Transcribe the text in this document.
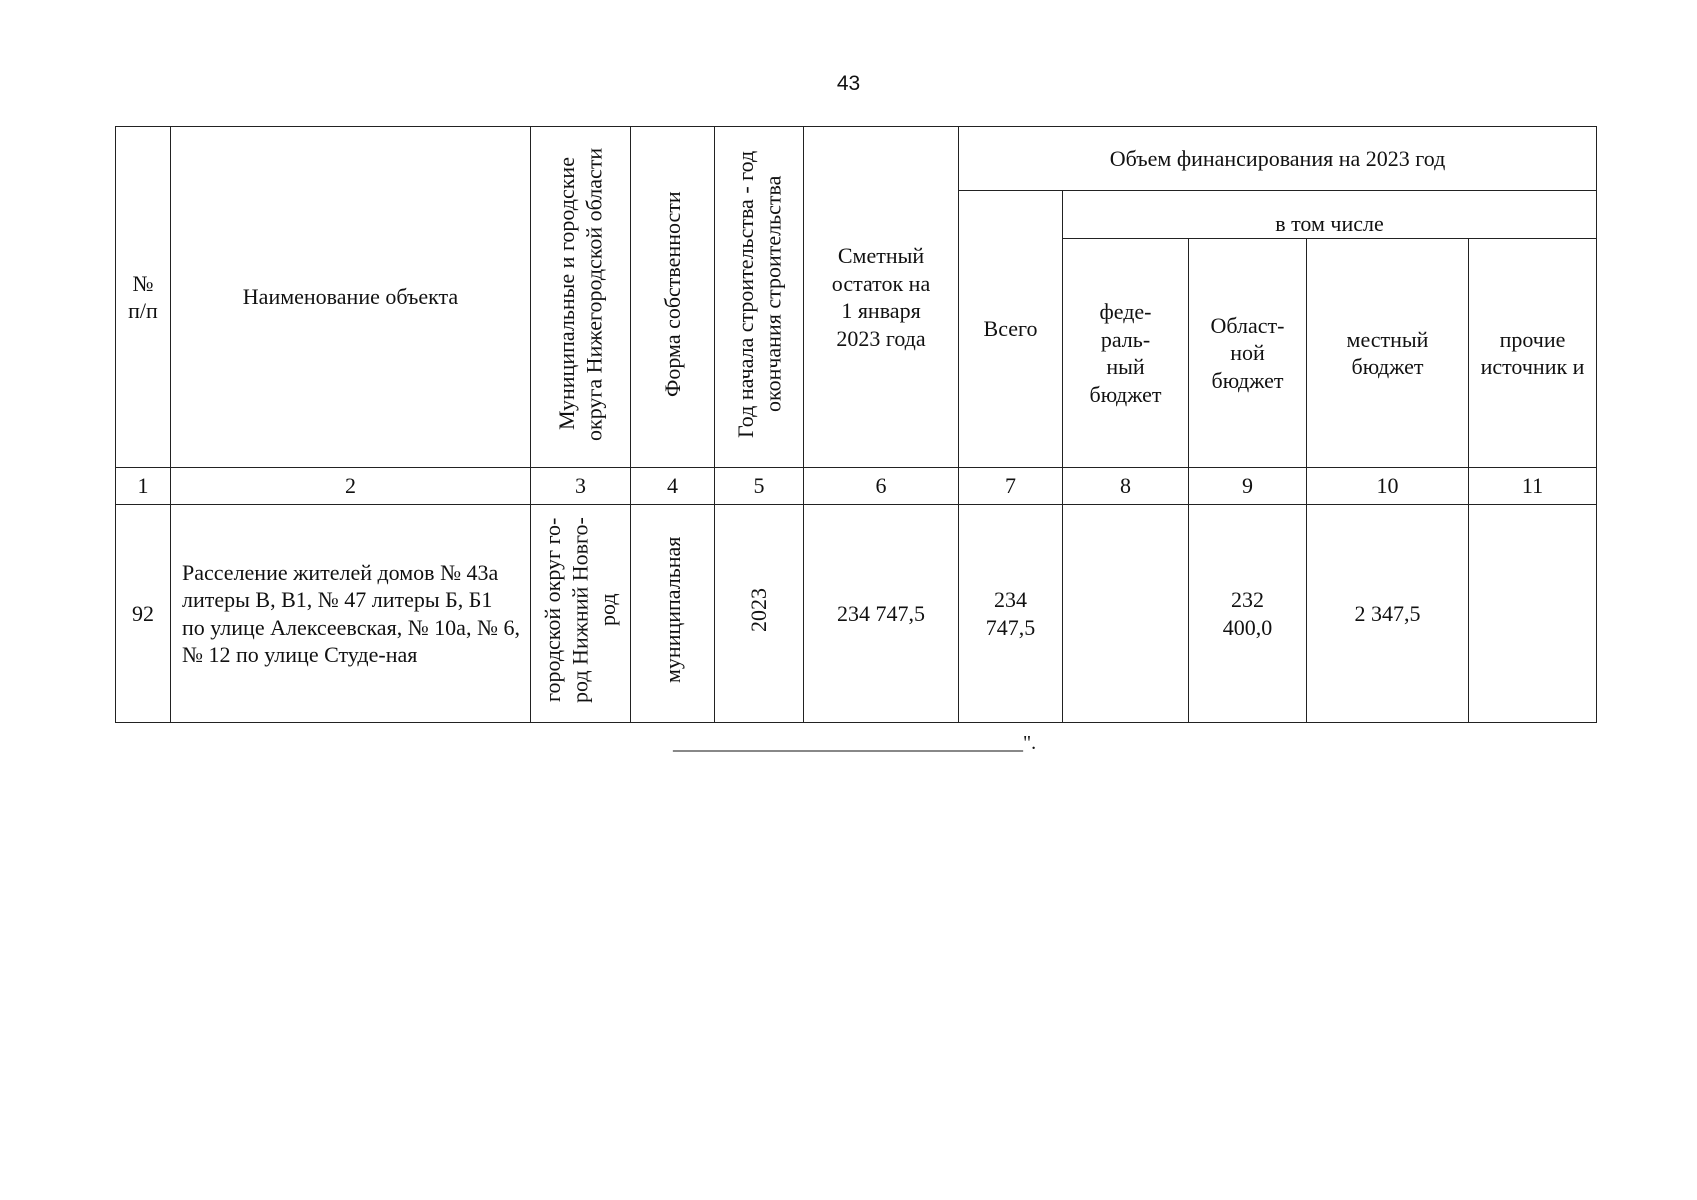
43
№ п/п	Наименование объекта	Муниципальные и городские округа Нижегородской области	Форма собственности	Год начала строительства - год окончания строительства	Сметный остаток на 1 января 2023 года	Объем финансирования на 2023 год				
						Всего	в том числе			
							феде-раль-ный бюджет	Област-ной бюджет	местный бюджет	прочие источник и
1	2	3	4	5	6	7	8	9	10	11
92	Расселение жителей домов № 43а литеры В, В1, № 47 литеры Б, Б1 по улице Алексеевская, № 10а, № 6, № 12 по улице Студе-ная	городской округ го-род Нижний Новго-род	муниципальная	2023	234 747,5	234 747,5		232 400,0	2 347,5	
___________________________________".
